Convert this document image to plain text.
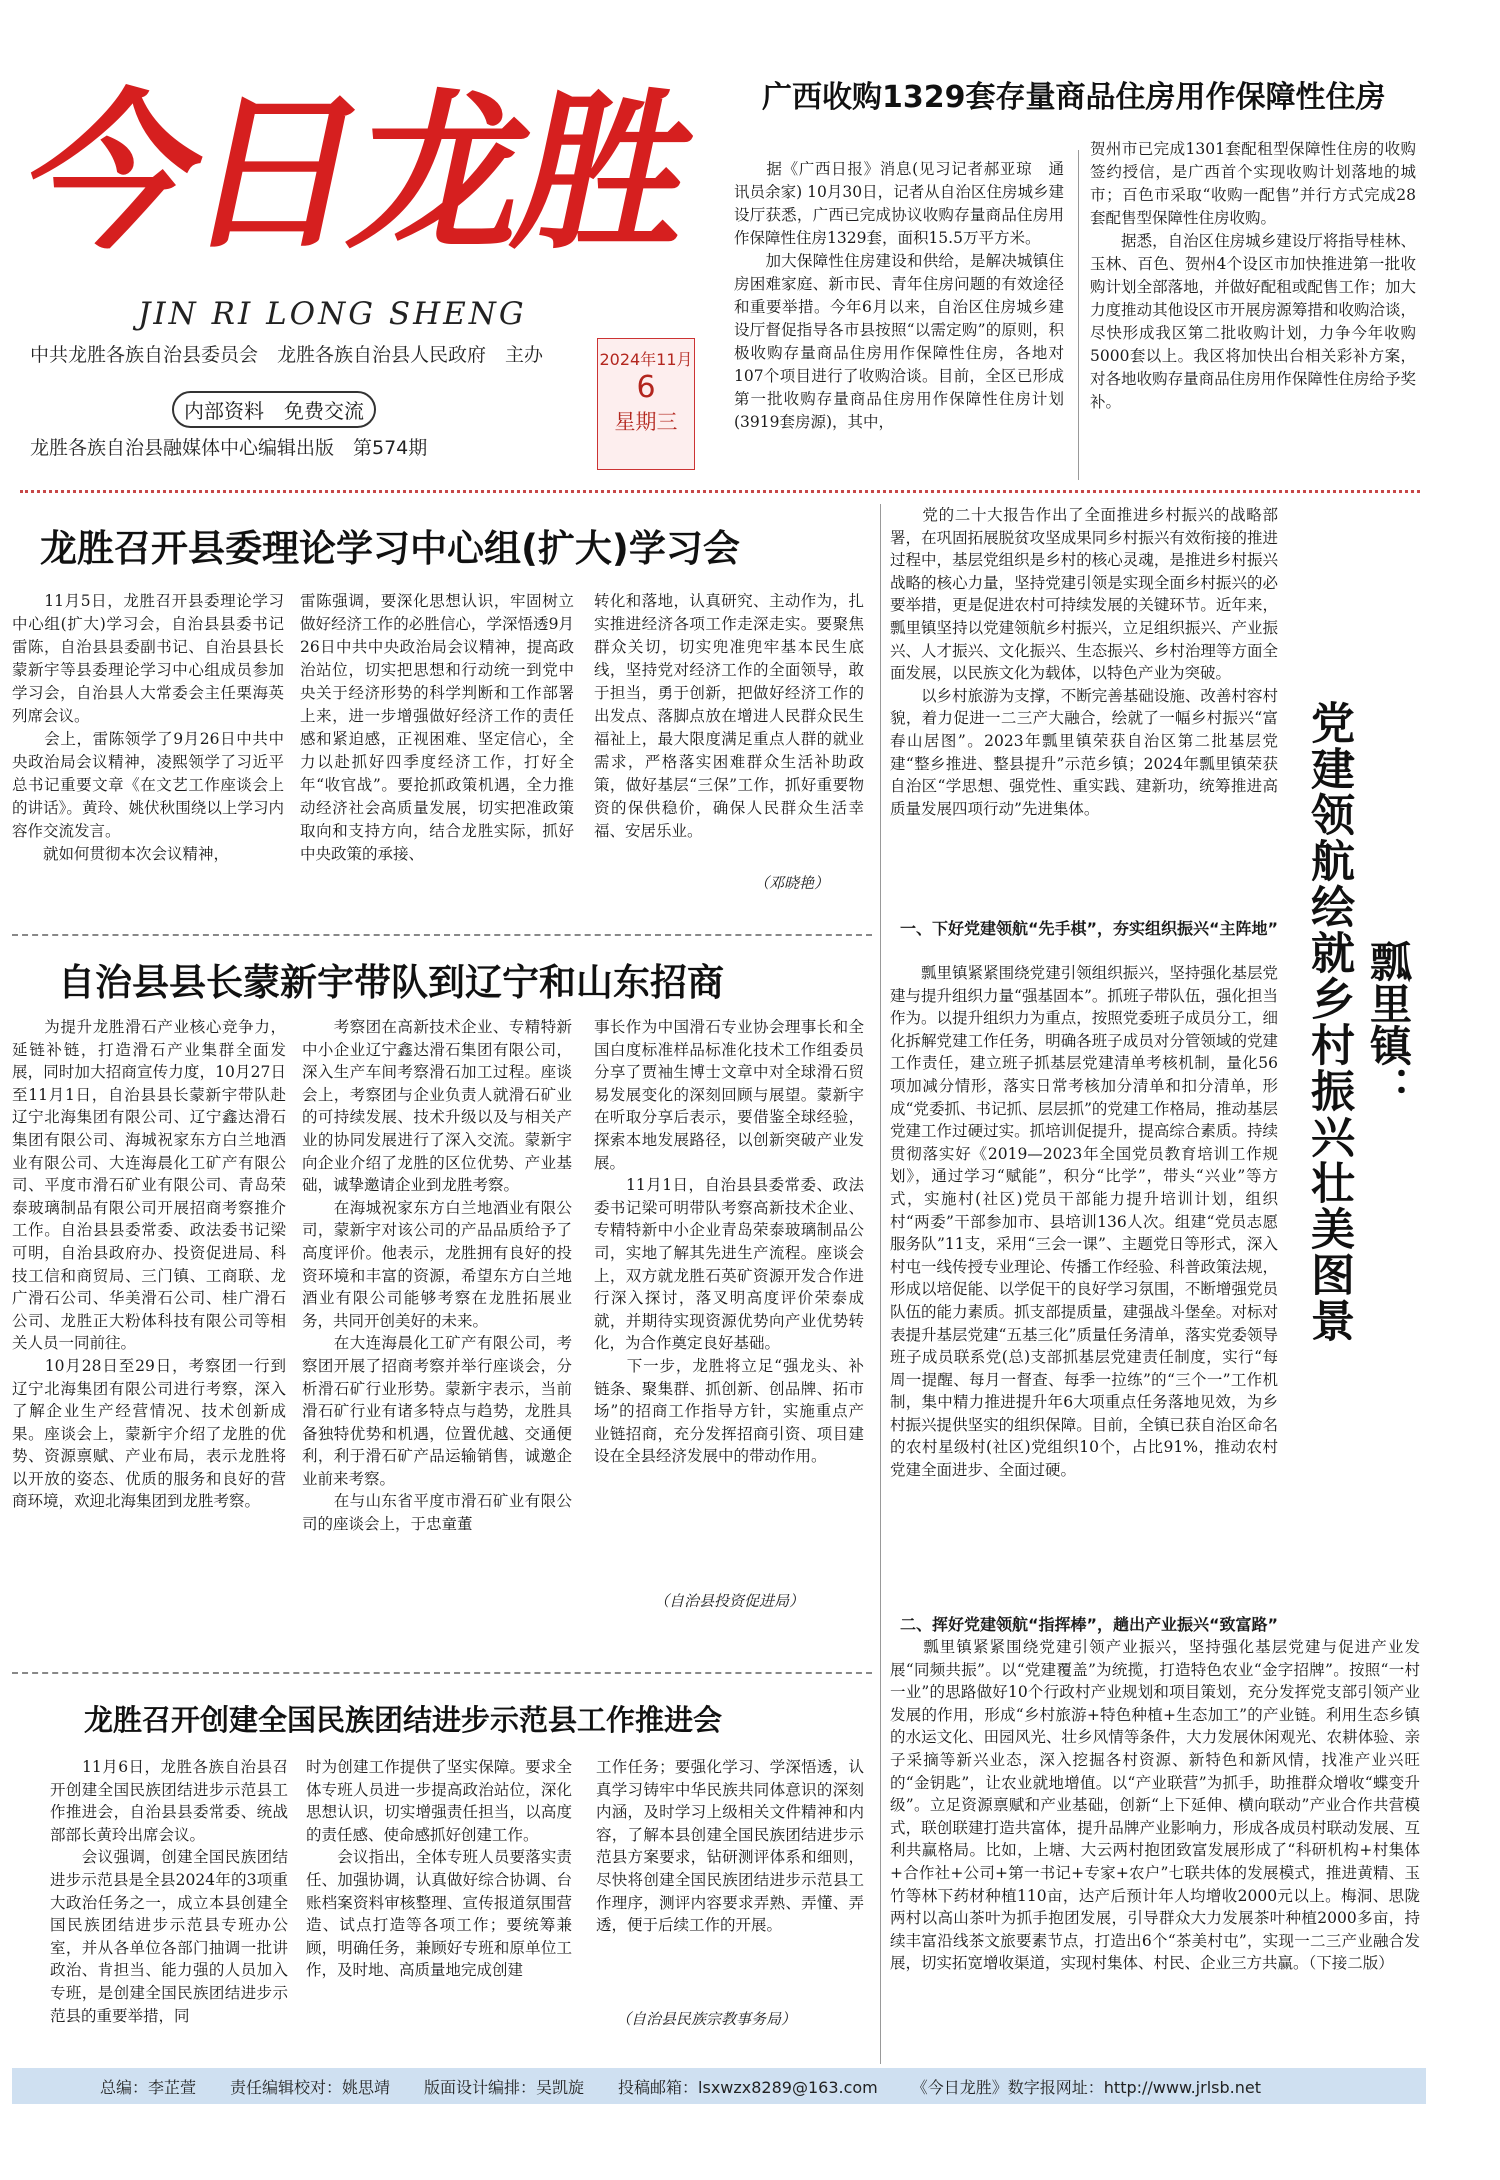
今日龙胜
JIN RI LONG SHENG
中共龙胜各族自治县委员会　龙胜各族自治县人民政府　主办
内部资料　免费交流
龙胜各族自治县融媒体中心编辑出版　第574期
2024年11月
6
星期三
广西收购1329套存量商品住房用作保障性住房
　　据《广西日报》消息(见习记者郝亚琼　通讯员余家) 10月30日，记者从自治区住房城乡建设厅获悉，广西已完成协议收购存量商品住房用作保障性住房1329套，面积15.5万平方米。
　　加大保障性住房建设和供给，是解决城镇住房困难家庭、新市民、青年住房问题的有效途径和重要举措。今年6月以来，自治区住房城乡建设厅督促指导各市县按照“以需定购”的原则，积极收购存量商品住房用作保障性住房，各地对107个项目进行了收购洽谈。目前，全区已形成第一批收购存量商品住房用作保障性住房计划(3919套房源)，其中，
贺州市已完成1301套配租型保障性住房的收购签约授信，是广西首个实现收购计划落地的城市；百色市采取“收购一配售”并行方式完成28套配售型保障性住房收购。
　　据悉，自治区住房城乡建设厅将指导桂林、玉林、百色、贺州4个设区市加快推进第一批收购计划全部落地，并做好配租或配售工作；加大力度推动其他设区市开展房源筹措和收购洽谈，尽快形成我区第二批收购计划，力争今年收购5000套以上。我区将加快出台相关彩补方案，对各地收购存量商品住房用作保障性住房给予奖补。
龙胜召开县委理论学习中心组(扩大)学习会
　　11月5日，龙胜召开县委理论学习中心组(扩大)学习会，自治县县委书记雷陈，自治县县委副书记、自治县县长蒙新宇等县委理论学习中心组成员参加学习会，自治县人大常委会主任栗海英列席会议。
　　会上，雷陈领学了9月26日中共中央政治局会议精神，凌熙领学了习近平总书记重要文章《在文艺工作座谈会上的讲话》。黄玲、姚伏秋围绕以上学习内容作交流发言。
　　就如何贯彻本次会议精神，
雷陈强调，要深化思想认识，牢固树立做好经济工作的必胜信心，学深悟透9月26日中共中央政治局会议精神，提高政治站位，切实把思想和行动统一到党中央关于经济形势的科学判断和工作部署上来，进一步增强做好经济工作的责任感和紧迫感，正视困难、坚定信心，全力以赴抓好四季度经济工作，打好全年“收官战”。要抢抓政策机遇，全力推动经济社会高质量发展，切实把准政策取向和支持方向，结合龙胜实际，抓好中央政策的承接、
转化和落地，认真研究、主动作为，扎实推进经济各项工作走深走实。要聚焦群众关切，切实兜准兜牢基本民生底线，坚持党对经济工作的全面领导，敢于担当，勇于创新，把做好经济工作的出发点、落脚点放在增进人民群众民生福祉上，最大限度满足重点人群的就业需求，严格落实困难群众生活补助政策，做好基层“三保”工作，抓好重要物资的保供稳价，确保人民群众生活幸福、安居乐业。
（邓晓艳）
自治县县长蒙新宇带队到辽宁和山东招商
　　为提升龙胜滑石产业核心竞争力，延链补链，打造滑石产业集群全面发展，同时加大招商宣传力度，10月27日至11月1日，自治县县长蒙新宇带队赴辽宁北海集团有限公司、辽宁鑫达滑石集团有限公司、海城祝家东方白兰地酒业有限公司、大连海晨化工矿产有限公司、平度市滑石矿业有限公司、青岛荣泰玻璃制品有限公司开展招商考察推介工作。自治县县委常委、政法委书记梁可明，自治县政府办、投资促进局、科技工信和商贸局、三门镇、工商联、龙广滑石公司、华美滑石公司、桂广滑石公司、龙胜正大粉体科技有限公司等相关人员一同前往。
　　10月28日至29日，考察团一行到辽宁北海集团有限公司进行考察，深入了解企业生产经营情况、技术创新成果。座谈会上，蒙新宇介绍了龙胜的优势、资源禀赋、产业布局，表示龙胜将以开放的姿态、优质的服务和良好的营商环境，欢迎北海集团到龙胜考察。
　　考察团在高新技术企业、专精特新中小企业辽宁鑫达滑石集团有限公司，深入生产车间考察滑石加工过程。座谈会上，考察团与企业负责人就滑石矿业的可持续发展、技术升级以及与相关产业的协同发展进行了深入交流。蒙新宇向企业介绍了龙胜的区位优势、产业基础，诚挚邀请企业到龙胜考察。
　　在海城祝家东方白兰地酒业有限公司，蒙新宇对该公司的产品品质给予了高度评价。他表示，龙胜拥有良好的投资环境和丰富的资源，希望东方白兰地酒业有限公司能够考察在龙胜拓展业务，共同开创美好的未来。
　　在大连海晨化工矿产有限公司，考察团开展了招商考察并举行座谈会，分析滑石矿行业形势。蒙新宇表示，当前滑石矿行业有诸多特点与趋势，龙胜具备独特优势和机遇，位置优越、交通便利，利于滑石矿产品运输销售，诚邀企业前来考察。
　　在与山东省平度市滑石矿业有限公司的座谈会上，于忠童董
事长作为中国滑石专业协会理事长和全国白度标准样品标准化技术工作组委员分享了贾袖生博士文章中对全球滑石贸易发展变化的深刻回顾与展望。蒙新宇在听取分享后表示，要借鉴全球经验，探索本地发展路径，以创新突破产业发展。
　　11月1日，自治县县委常委、政法委书记梁可明带队考察高新技术企业、专精特新中小企业青岛荣泰玻璃制品公司，实地了解其先进生产流程。座谈会上，双方就龙胜石英矿资源开发合作进行深入探讨，落叉明高度评价荣泰成就，并期待实现资源优势向产业优势转化，为合作奠定良好基础。
　　下一步，龙胜将立足“强龙头、补链条、聚集群、抓创新、创品牌、拓市场”的招商工作指导方针，实施重点产业链招商，充分发挥招商引资、项目建设在全县经济发展中的带动作用。
（自治县投资促进局）
龙胜召开创建全国民族团结进步示范县工作推进会
　　11月6日，龙胜各族自治县召开创建全国民族团结进步示范县工作推进会，自治县县委常委、统战部部长黄玲出席会议。
　　会议强调，创建全国民族团结进步示范县是全县2024年的3项重大政治任务之一，成立本县创建全国民族团结进步示范县专班办公室，并从各单位各部门抽调一批讲政治、肯担当、能力强的人员加入专班，是创建全国民族团结进步示范县的重要举措，同
时为创建工作提供了坚实保障。要求全体专班人员进一步提高政治站位，深化思想认识，切实增强责任担当，以高度的责任感、使命感抓好创建工作。
　　会议指出，全体专班人员要落实责任、加强协调，认真做好综合协调、台账档案资料审核整理、宣传报道氛围营造、试点打造等各项工作；要统筹兼顾，明确任务，兼顾好专班和原单位工作，及时地、高质量地完成创建
工作任务；要强化学习、学深悟透，认真学习铸牢中华民族共同体意识的深刻内涵，及时学习上级相关文件精神和内容，了解本县创建全国民族团结进步示范县方案要求，钻研测评体系和细则，尽快将创建全国民族团结进步示范县工作理序，测评内容要求弄熟、弄懂、弄透，便于后续工作的开展。
（自治县民族宗教事务局）
　　党的二十大报告作出了全面推进乡村振兴的战略部署，在巩固拓展脱贫攻坚成果同乡村振兴有效衔接的推进过程中，基层党组织是乡村的核心灵魂，是推进乡村振兴战略的核心力量，坚持党建引领是实现全面乡村振兴的必要举措，更是促进农村可持续发展的关键环节。近年来，瓢里镇坚持以党建领航乡村振兴，立足组织振兴、产业振兴、人才振兴、文化振兴、生态振兴、乡村治理等方面全面发展，以民族文化为载体，以特色产业为突破。
　　以乡村旅游为支撑，不断完善基础设施、改善村容村貌，着力促进一二三产大融合，绘就了一幅乡村振兴“富春山居图”。2023年瓢里镇荣获自治区第二批基层党建“整乡推进、整县提升”示范乡镇；2024年瓢里镇荣获自治区“学思想、强党性、重实践、建新功，统筹推进高质量发展四项行动”先进集体。	党建领航绘就乡村振兴壮美图景 瓢里镇：
一、下好党建领航“先手棋”，夯实组织振兴“主阵地”
　　瓢里镇紧紧围绕党建引领组织振兴，坚持强化基层党建与提升组织力量“强基固本”。抓班子带队伍，强化担当作为。以提升组织力为重点，按照党委班子成员分工，细化拆解党建工作任务，明确各班子成员对分管领域的党建工作责任，建立班子抓基层党建清单考核机制，量化56项加减分情形，落实日常考核加分清单和扣分清单，形成“党委抓、书记抓、层层抓”的党建工作格局，推动基层党建工作过硬过实。抓培训促提升，提高综合素质。持续贯彻落实好《2019—2023年全国党员教育培训工作规划》，通过学习“赋能”，积分“比学”，带头“兴业”等方式，实施村(社区)党员干部能力提升培训计划，组织村“两委”干部参加市、县培训136人次。组建“党员志愿服务队”11支，采用“三会一课”、主题党日等形式，深入村屯一线传授专业理论、传播工作经验、科普政策法规，形成以培促能、以学促干的良好学习氛围，不断增强党员队伍的能力素质。抓支部提质量，建强战斗堡垒。对标对表提升基层党建“五基三化”质量任务清单，落实党委领导班子成员联系党(总)支部抓基层党建责任制度，实行“每周一提醒、每月一督查、每季一拉练”的“三个一”工作机制，集中精力推进提升年6大项重点任务落地见效，为乡村振兴提供坚实的组织保障。目前，全镇已获自治区命名的农村星级村(社区)党组织10个，占比91%，推动农村党建全面进步、全面过硬。
二、挥好党建领航“指挥棒”，趟出产业振兴“致富路”
　　瓢里镇紧紧围绕党建引领产业振兴，坚持强化基层党建与促进产业发展“同频共振”。以“党建覆盖”为统揽，打造特色农业“金字招牌”。按照“一村一业”的思路做好10个行政村产业规划和项目策划，充分发挥党支部引领产业发展的作用，形成“乡村旅游+特色种植+生态加工”的产业链。利用生态乡镇的水运文化、田园风光、壮乡风情等条件，大力发展休闲观光、农耕体验、亲子采摘等新兴业态，深入挖掘各村资源、新特色和新风情，找准产业兴旺的“金钥匙”，让农业就地增值。以“产业联营”为抓手，助推群众增收“蝶变升级”。立足资源禀赋和产业基础，创新“上下延伸、横向联动”产业合作共营模式，联创联建打造共富体，提升品牌产业影响力，形成各成员村联动发展、互利共赢格局。比如，上塘、大云两村抱团致富发展形成了“科研机构+村集体+合作社+公司+第一书记+专家+农户”七联共体的发展模式，推进黄精、玉竹等林下药材种植110亩，达产后预计年人均增收2000元以上。梅洞、思陇两村以高山茶叶为抓手抱团发展，引导群众大力发展茶叶种植2000多亩，持续丰富沿线茶文旅要素节点，打造出6个“茶美村屯”，实现一二三产业融合发展，切实拓宽增收渠道，实现村集体、村民、企业三方共赢。（下接二版）
总编：李芷萱 责任编辑校对：姚思靖 版面设计编排：吴凯旋 投稿邮箱：lsxwzx8289@163.com 《今日龙胜》数字报网址：http://www.jrlsb.net
